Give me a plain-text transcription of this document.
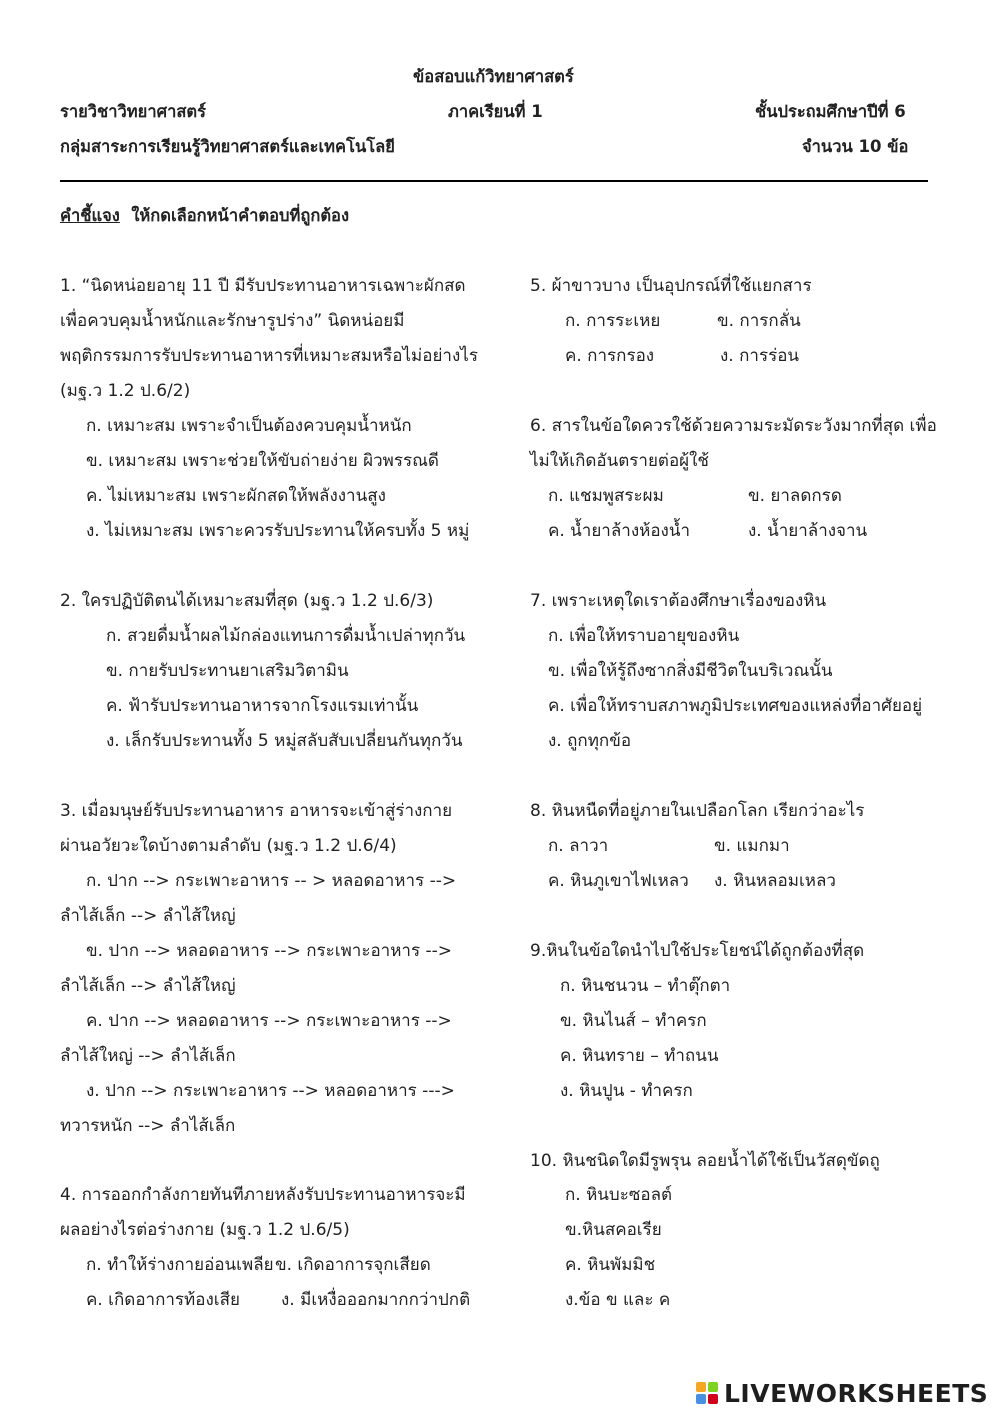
ข้อสอบแก้วิทยาศาสตร์
รายวิชาวิทยาศาสตร์	ภาคเรียนที่ 1	ชั้นประถมศึกษาปีที่ 6
กลุ่มสาระการเรียนรู้วิทยาศาสตร์และเทคโนโลยี	จำนวน 10 ข้อ
คำชี้แจง ให้กดเลือกหน้าคำตอบที่ถูกต้อง
1. “นิดหน่อยอายุ 11 ปี มีรับประทานอาหารเฉพาะผักสด
เพื่อควบคุมน้ำหนักและรักษารูปร่าง” นิดหน่อยมี
พฤติกรรมการรับประทานอาหารที่เหมาะสมหรือไม่อย่างไร
(มฐ.ว 1.2 ป.6/2)
ก. เหมาะสม เพราะจำเป็นต้องควบคุมน้ำหนัก
ข. เหมาะสม เพราะช่วยให้ขับถ่ายง่าย ผิวพรรณดี
ค. ไม่เหมาะสม เพราะผักสดให้พลังงานสูง
ง. ไม่เหมาะสม เพราะควรรับประทานให้ครบทั้ง 5 หมู่
2. ใครปฏิบัติตนได้เหมาะสมที่สุด (มฐ.ว 1.2 ป.6/3)
ก. สวยดื่มน้ำผลไม้กล่องแทนการดื่มน้ำเปล่าทุกวัน
ข. กายรับประทานยาเสริมวิตามิน
ค. ฟ้ารับประทานอาหารจากโรงแรมเท่านั้น
ง. เล็กรับประทานทั้ง 5 หมู่สลับสับเปลี่ยนกันทุกวัน
3. เมื่อมนุษย์รับประทานอาหาร อาหารจะเข้าสู่ร่างกาย
ผ่านอวัยวะใดบ้างตามลำดับ (มฐ.ว 1.2 ป.6/4)
ก. ปาก --> กระเพาะอาหาร -- > หลอดอาหาร -->
ลำไส้เล็ก --> ลำไส้ใหญ่
ข. ปาก --> หลอดอาหาร --> กระเพาะอาหาร -->
ลำไส้เล็ก --> ลำไส้ใหญ่
ค. ปาก --> หลอดอาหาร --> กระเพาะอาหาร -->
ลำไส้ใหญ่ --> ลำไส้เล็ก
ง. ปาก --> กระเพาะอาหาร --> หลอดอาหาร --->
ทวารหนัก --> ลำไส้เล็ก
4. การออกกำลังกายทันทีภายหลังรับประทานอาหารจะมี
ผลอย่างไรต่อร่างกาย (มฐ.ว 1.2 ป.6/5)
ก. ทำให้ร่างกายอ่อนเพลีย ข. เกิดอาการจุกเสียด
ค. เกิดอาการท้องเสีย ง. มีเหงื่อออกมากกว่าปกติ
5. ผ้าขาวบาง เป็นอุปกรณ์ที่ใช้แยกสาร
ก. การระเหย	ข. การกลั่น
ค. การกรอง	ง. การร่อน
6. สารในข้อใดควรใช้ด้วยความระมัดระวังมากที่สุด เพื่อ
ไม่ให้เกิดอันตรายต่อผู้ใช้
ก. แชมพูสระผม	ข. ยาลดกรด
ค. น้ำยาล้างห้องน้ำ	ง. น้ำยาล้างจาน
7. เพราะเหตุใดเราต้องศึกษาเรื่องของหิน
ก. เพื่อให้ทราบอายุของหิน
ข. เพื่อให้รู้ถึงซากสิ่งมีชีวิตในบริเวณนั้น
ค. เพื่อให้ทราบสภาพภูมิประเทศของแหล่งที่อาศัยอยู่
ง. ถูกทุกข้อ
8. หินหนืดที่อยู่ภายในเปลือกโลก เรียกว่าอะไร
ก. ลาวา	ข. แมกมา
ค. หินภูเขาไฟเหลว ง. หินหลอมเหลว
9.หินในข้อใดนำไปใช้ประโยชน์ได้ถูกต้องที่สุด
ก. หินชนวน – ทำตุ๊กตา
ข. หินไนส์ – ทำครก
ค. หินทราย – ทำถนน
ง. หินปูน - ทำครก
10. หินชนิดใดมีรูพรุน ลอยน้ำได้ใช้เป็นวัสดุขัดถู
ก. หินบะซอลต์
ข.หินสคอเรีย
ค. หินพัมมิช
ง.ข้อ ข และ ค
LIVEWORKSHEETS
